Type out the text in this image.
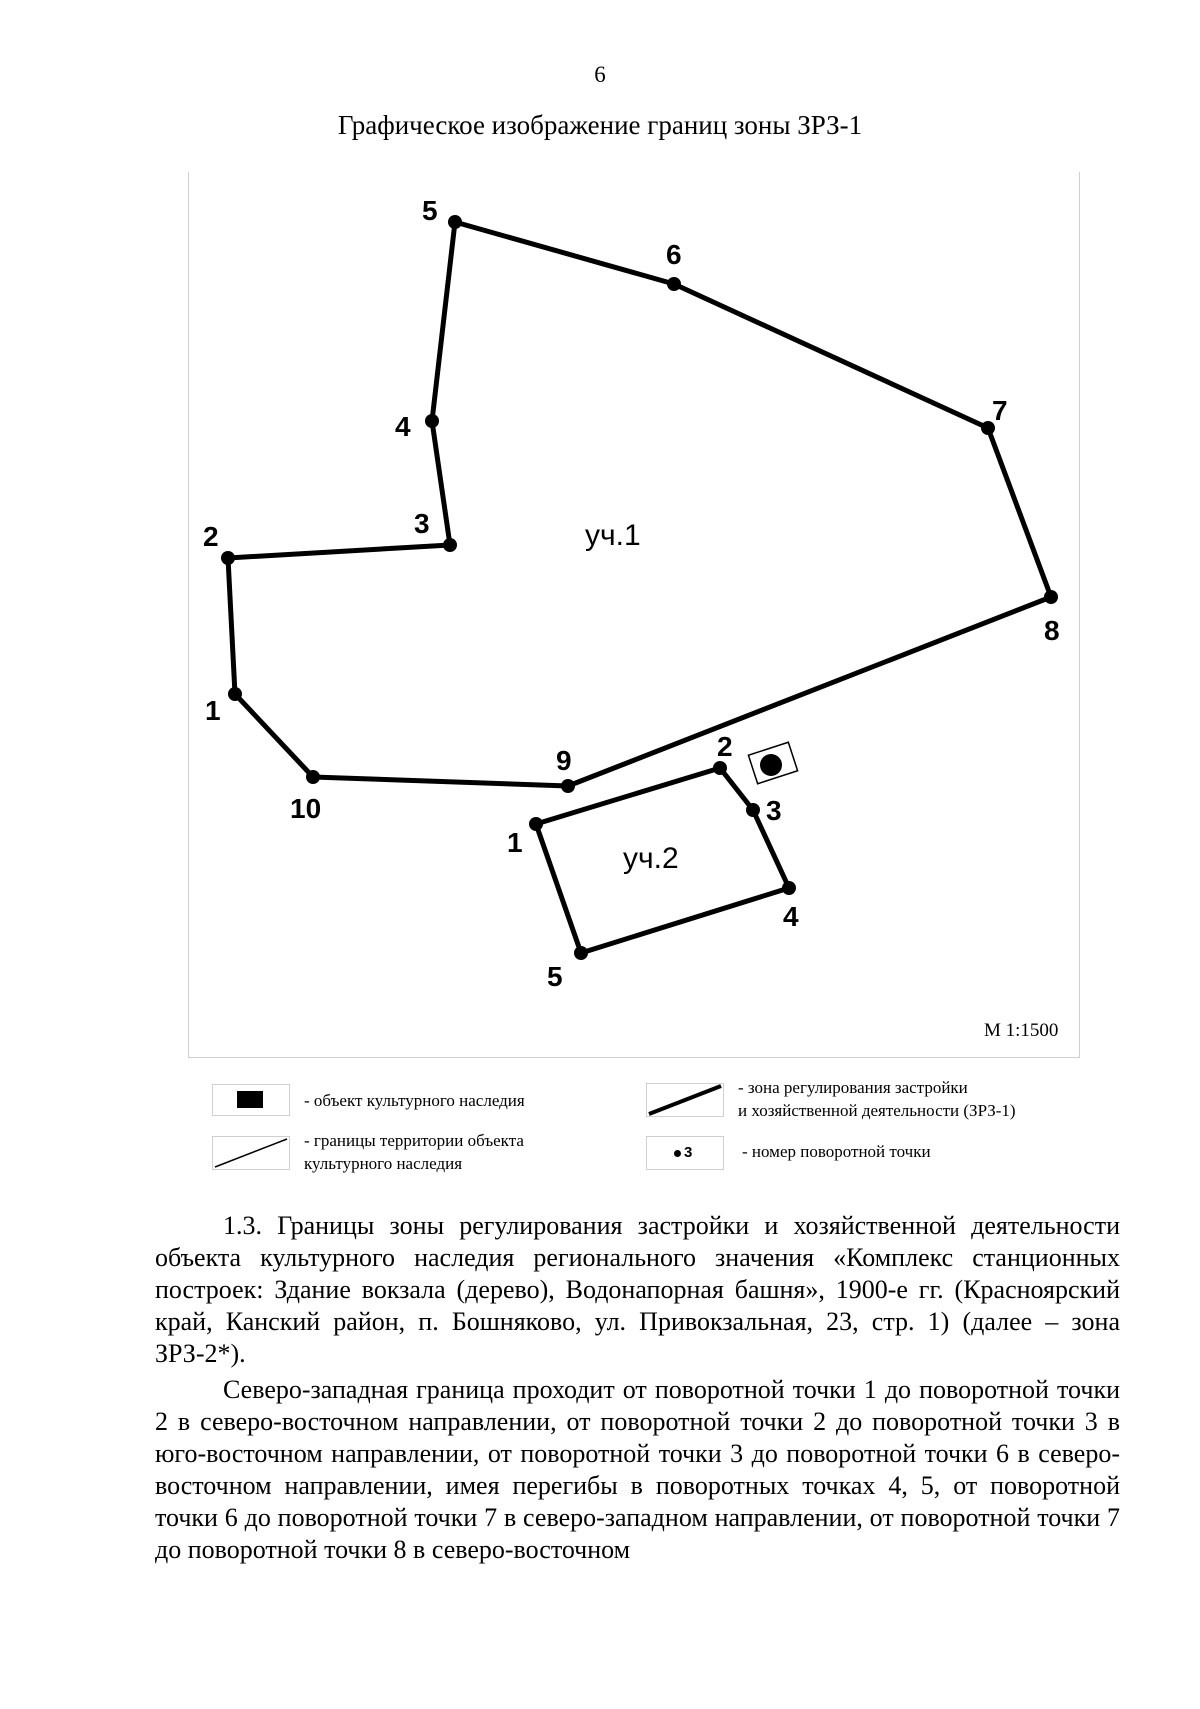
6
Графическое изображение границ зоны ЗРЗ-1
1
2	3
4
5
6
7
8
9
10
1
2
3
4
5
уч.1
уч.2
М 1:1500
- объект культурного наследия
- зона регулирования застройки
и хозяйственной деятельности (ЗРЗ-1)
- границы территории объекта
культурного наследия
3	- номер поворотной точки

1.3. Границы зоны регулирования застройки и хозяйственной деятельности объекта культурного наследия регионального значения «Комплекс станционных построек: Здание вокзала (дерево), Водонапорная башня», 1900-е гг. (Красноярский край, Канский район, п. Бошняково, ул. Привокзальная, 23, стр. 1) (далее – зона ЗРЗ-2*).

Северо-западная граница проходит от поворотной точки 1 до поворотной точки 2 в северо-восточном направлении, от поворотной точки 2 до поворотной точки 3 в юго-восточном направлении, от поворотной точки 3 до поворотной точки 6 в северо-восточном направлении, имея перегибы в поворотных точках 4, 5, от поворотной точки 6 до поворотной точки 7 в северо-западном направлении, от поворотной точки 7 до поворотной точки 8 в северо-восточном
